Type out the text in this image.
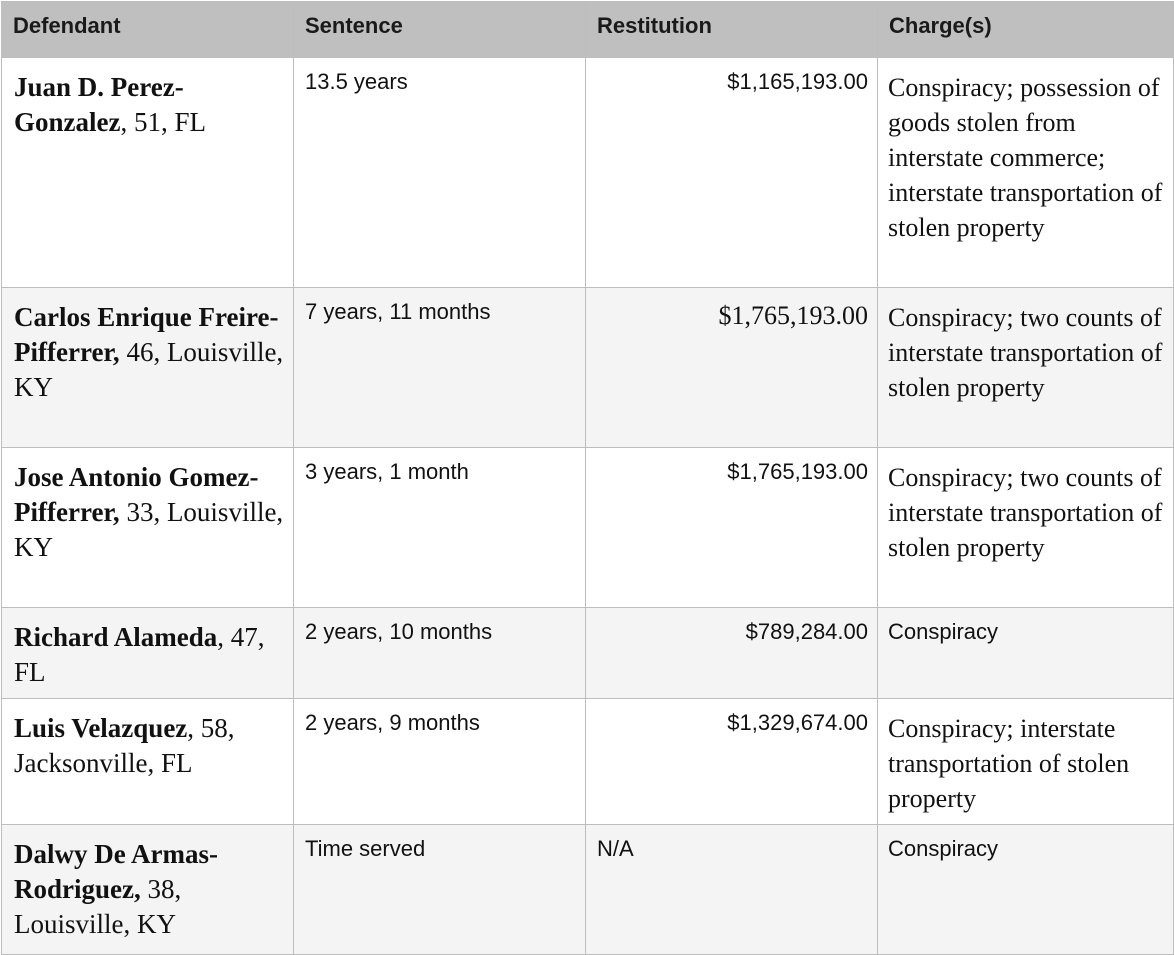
Defendant	Sentence	Restitution	Charge(s)
Juan D. Perez-Gonzalez, 51, FL	13.5 years	$1,165,193.00	Conspiracy; possession of goods stolen from interstate commerce; interstate transportation of stolen property
Carlos Enrique Freire-Pifferrer, 46, Louisville, KY	7 years, 11 months	$1,765,193.00	Conspiracy; two counts of interstate transportation of stolen property
Jose Antonio Gomez-Pifferrer, 33, Louisville, KY	3 years, 1 month	$1,765,193.00	Conspiracy; two counts of interstate transportation of stolen property
Richard Alameda, 47, FL	2 years, 10 months	$789,284.00	Conspiracy
Luis Velazquez, 58, Jacksonville, FL	2 years, 9 months	$1,329,674.00	Conspiracy; interstate transportation of stolen property
Dalwy De Armas-Rodriguez, 38, Louisville, KY	Time served	N/A	Conspiracy
